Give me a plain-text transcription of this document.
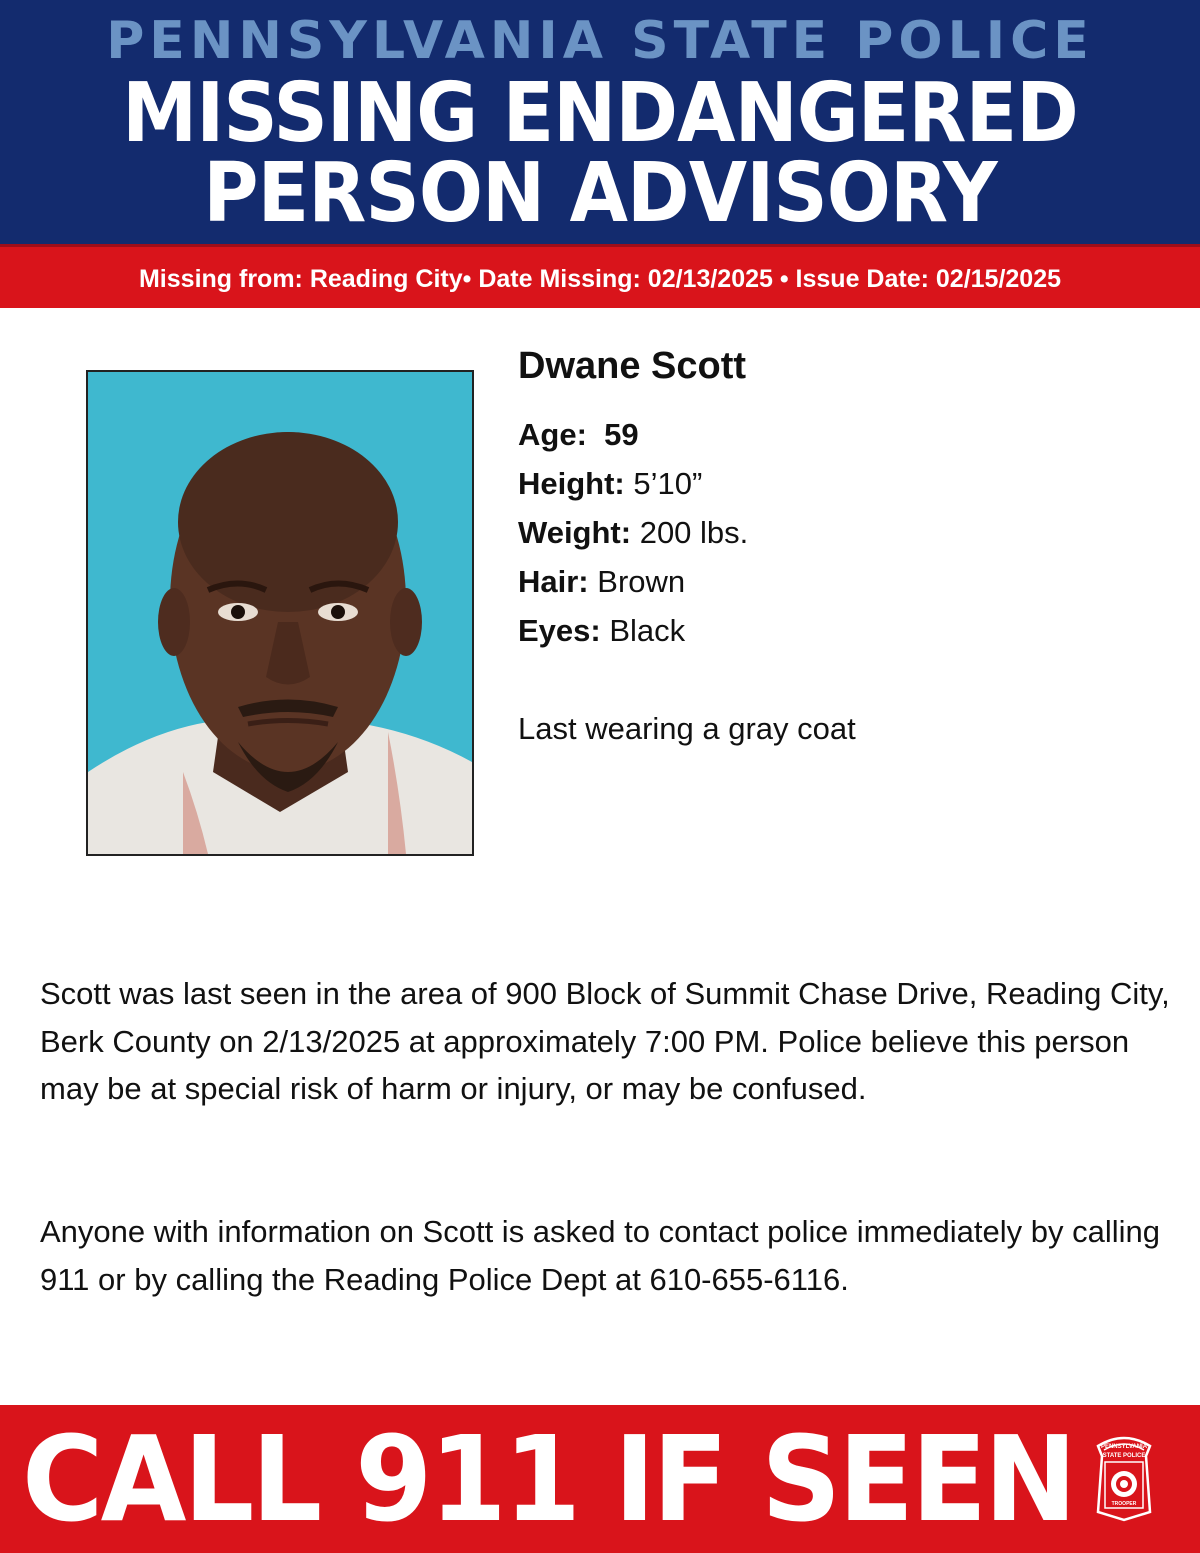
PENNSYLVANIA STATE POLICE
MISSING ENDANGERED
PERSON ADVISORY
Missing from: Reading City• Date Missing: 02/13/2025 • Issue Date: 02/15/2025
Dwane Scott
Age: 59
Height: 5’10”
Weight: 200 lbs.
Hair: Brown
Eyes: Black
Last wearing a gray coat
Scott was last seen in the area of 900 Block of Summit Chase Drive, Reading City, Berk County on 2/13/2025 at approximately 7:00 PM. Police believe this person may be at special risk of harm or injury, or may be confused.
Anyone with information on Scott is asked to contact police immediately by calling 911 or by calling the Reading Police Dept at 610-655-6116.
CALL 911 IF SEEN	PENNSYLVANIA
STATE POLICE
TROOPER
